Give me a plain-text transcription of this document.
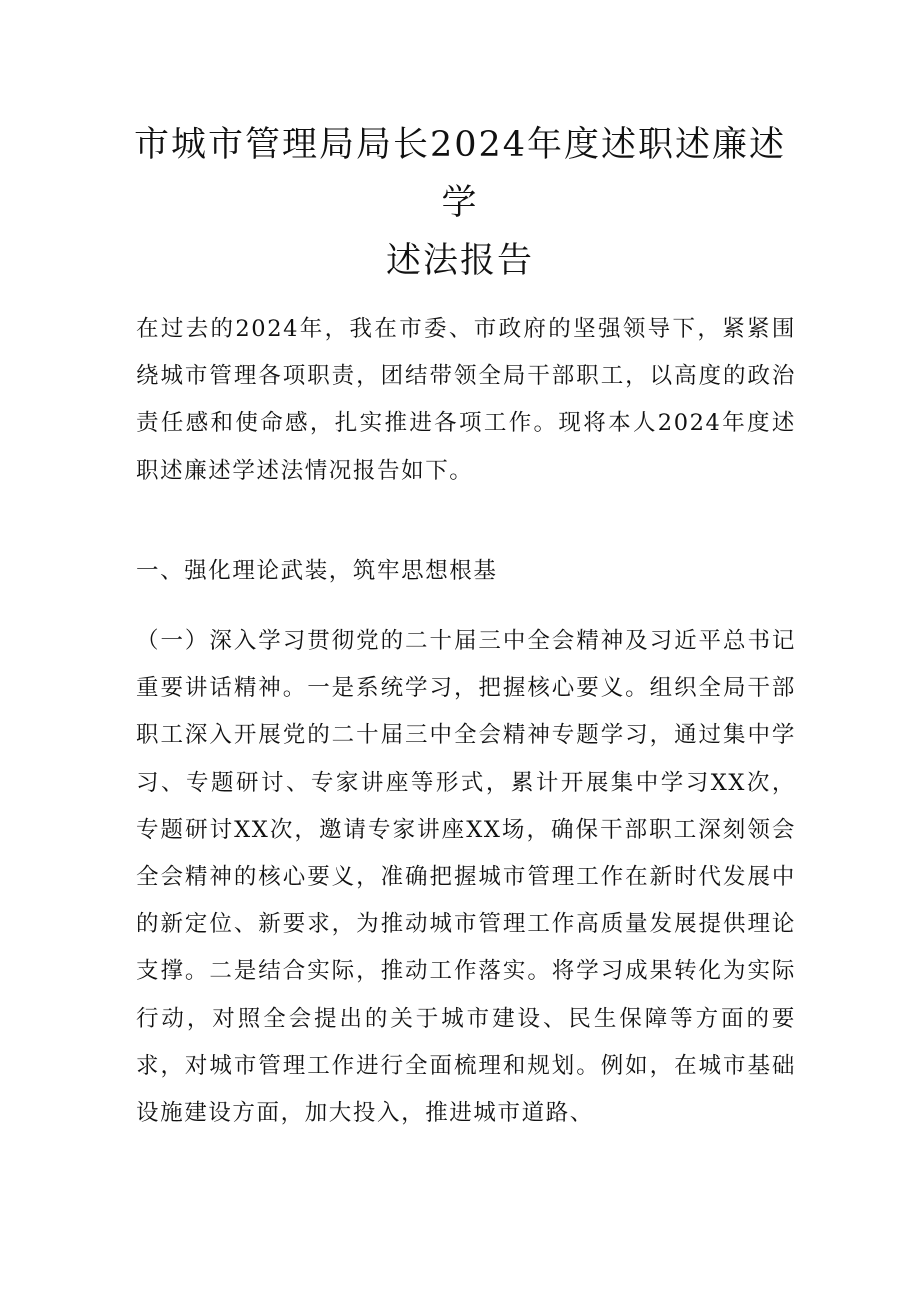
市城市管理局局长2024年度述职述廉述学
述法报告

在过去的2024年，我在市委、市政府的坚强领导下，紧紧围绕城市管理各项职责，团结带领全局干部职工，以高度的政治责任感和使命感，扎实推进各项工作。现将本人2024年度述职述廉述学述法情况报告如下。

一、强化理论武装，筑牢思想根基

（一）深入学习贯彻党的二十届三中全会精神及习近平总书记重要讲话精神。一是系统学习，把握核心要义。组织全局干部职工深入开展党的二十届三中全会精神专题学习，通过集中学习、专题研讨、专家讲座等形式，累计开展集中学习XX次，专题研讨XX次，邀请专家讲座XX场，确保干部职工深刻领会全会精神的核心要义，准确把握城市管理工作在新时代发展中的新定位、新要求，为推动城市管理工作高质量发展提供理论支撑。二是结合实际，推动工作落实。将学习成果转化为实际行动，对照全会提出的关于城市建设、民生保障等方面的要求，对城市管理工作进行全面梳理和规划。例如，在城市基础设施建设方面，加大投入，推进城市道路、
